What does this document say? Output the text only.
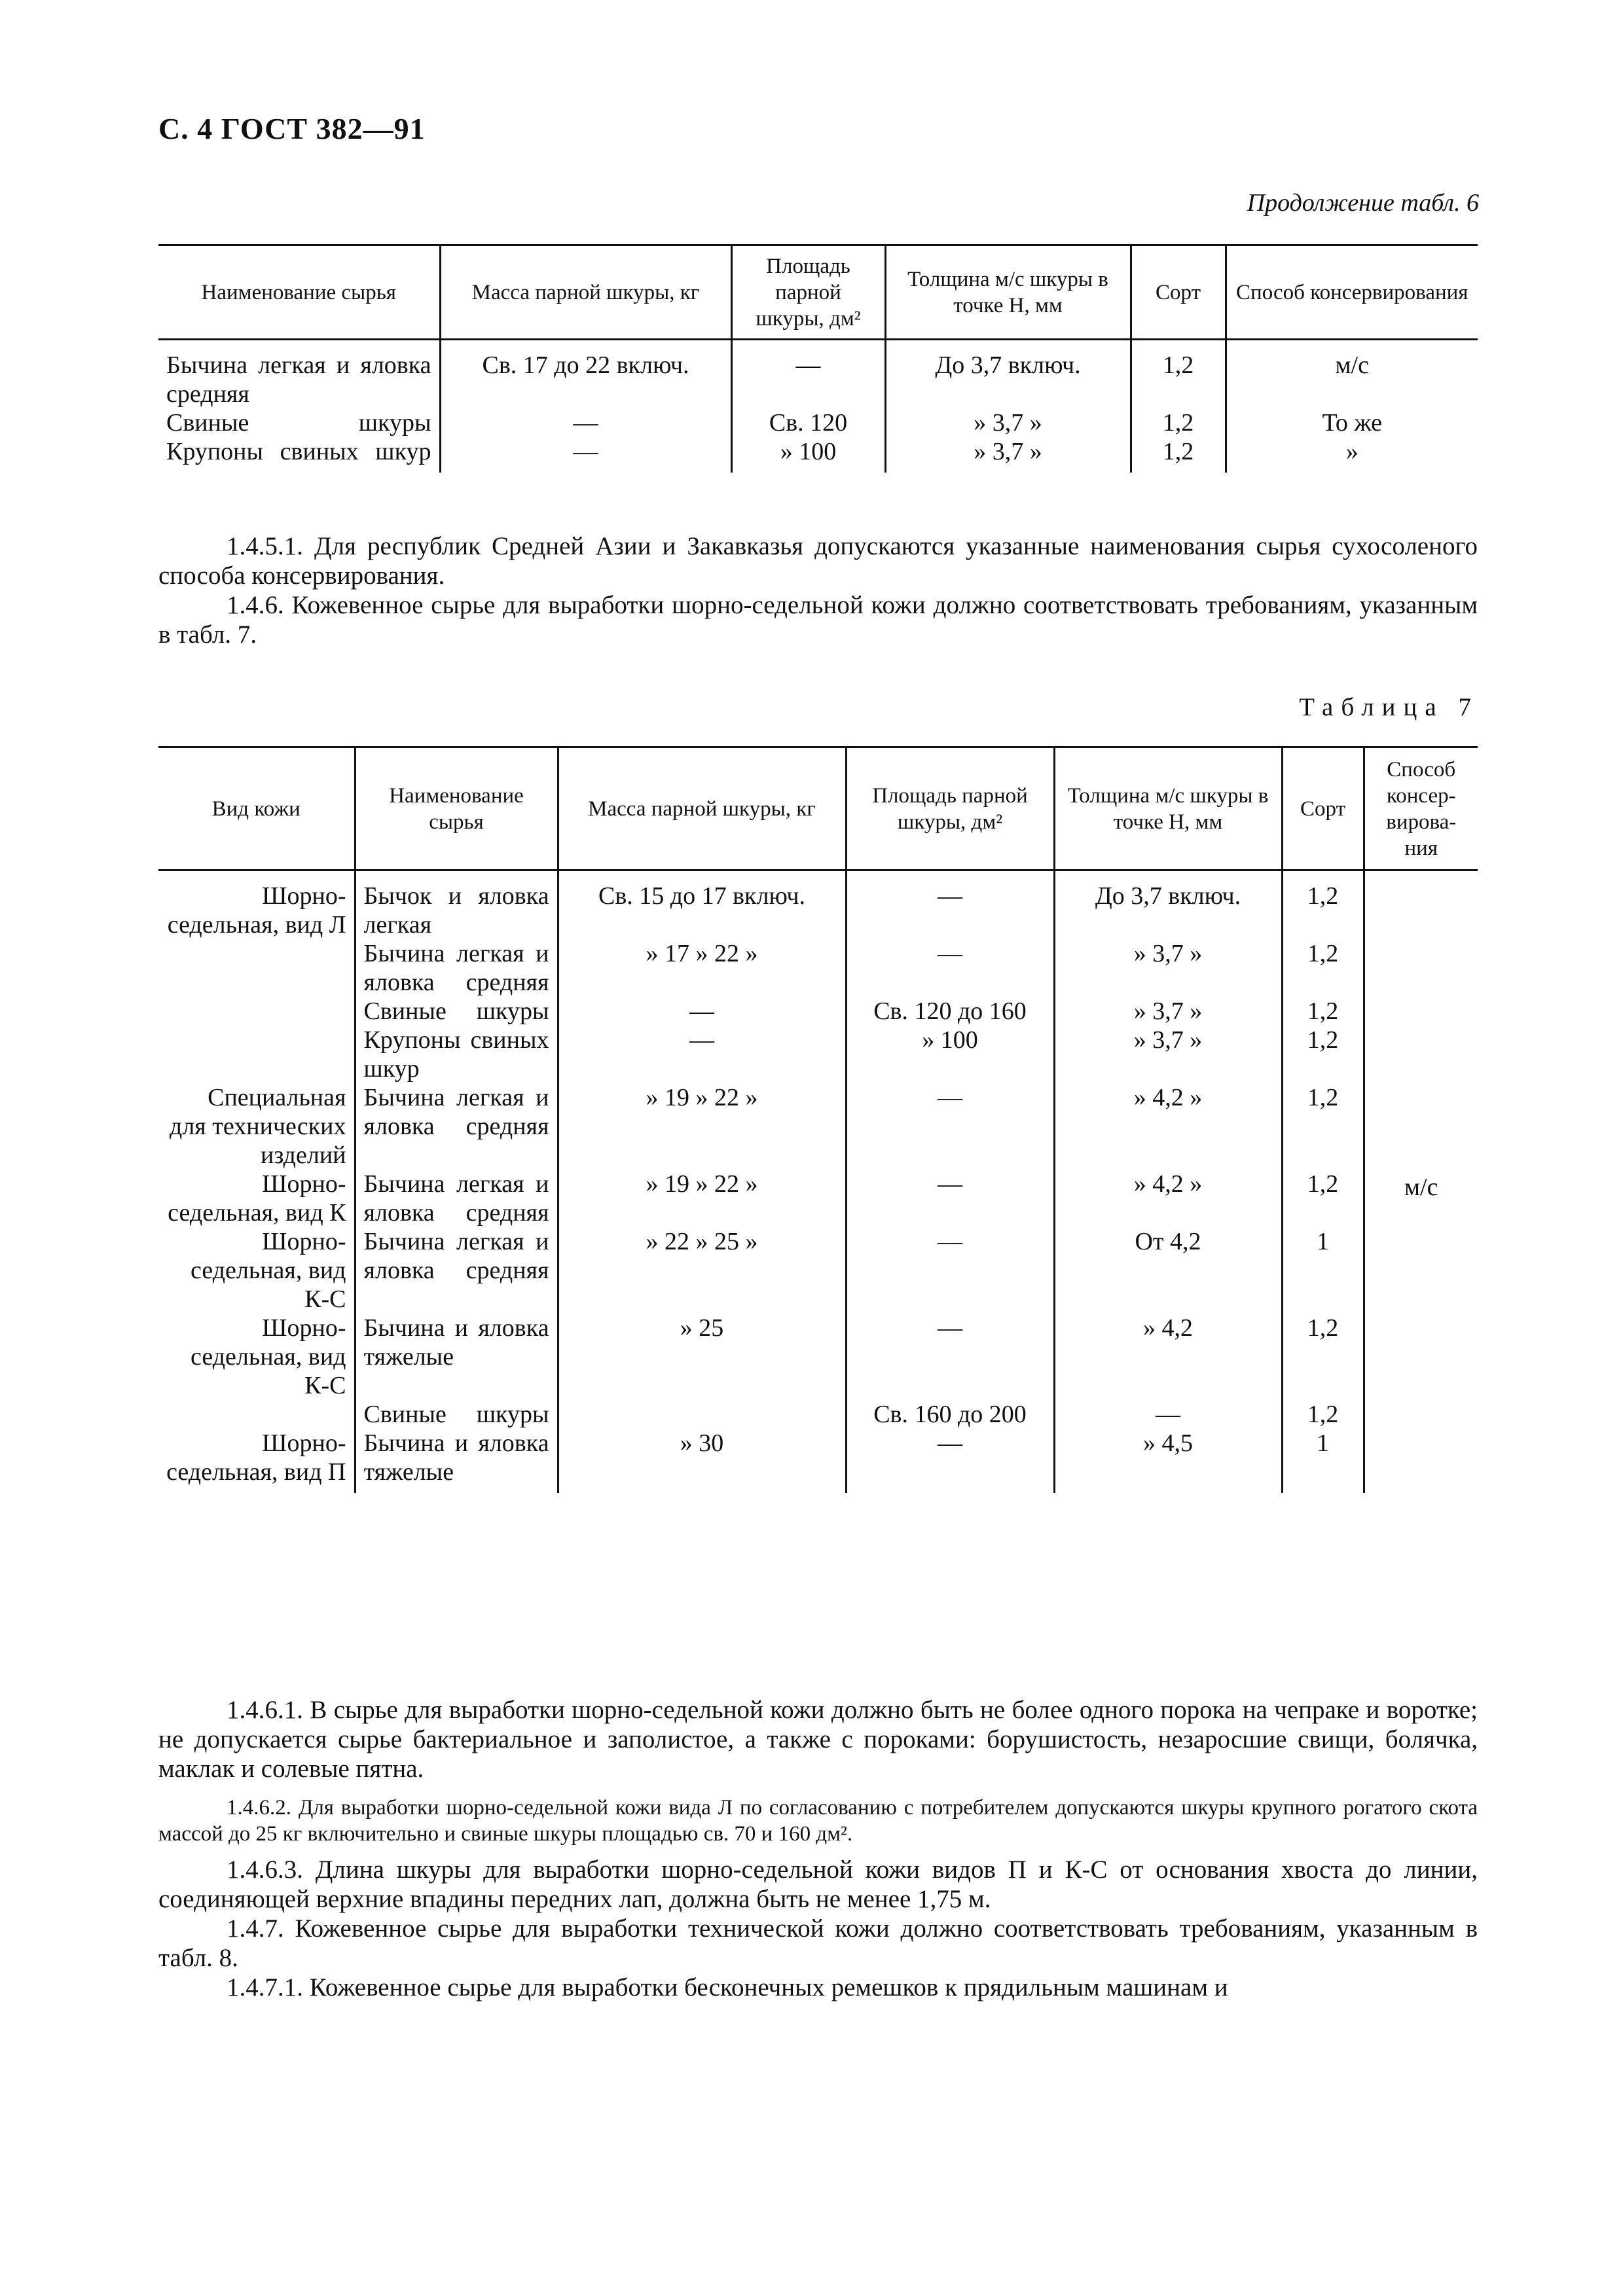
С. 4 ГОСТ 382—91
Продолжение табл. 6
Наименование сырья	Масса парной шкуры, кг	Площадь парной шкуры, дм²	Толщина м/с шкуры в точке Н, мм	Сорт	Способ консервирования
Бычина легкая и яловка средняя	Св. 17 до 22 включ.	—	До 3,7 включ.	1,2	м/с
Свиные шкуры	—	Св. 120	» 3,7 »	1,2	То же
Крупоны свиных шкур	—	» 100	» 3,7 »	1,2	»

1.4.5.1. Для республик Средней Азии и Закавказья допускаются указанные наименования сырья сухосоленого способа консервирования.

1.4.6. Кожевенное сырье для выработки шорно-седельной кожи должно соответствовать требованиям, указанным в табл. 7.

Таблица 7
Вид кожи	Наименование сырья	Масса парной шкуры, кг	Площадь парной шкуры, дм²	Толщина м/с шкуры в точке Н, мм	Сорт	Способ консер-вирова-ния
Шорно-седельная, вид Л	Бычок и яловка легкая	Св. 15 до 17 включ.	—	До 3,7 включ.	1,2	м/с
	Бычина легкая и яловка средняя	» 17 » 22 »	—	» 3,7 »	1,2	
	Свиные шкуры	—	Св. 120 до 160	» 3,7 »	1,2	
	Крупоны свиных шкур	—	» 100	» 3,7 »	1,2	
Специальная для технических изделий	Бычина легкая и яловка средняя	» 19 » 22 »	—	» 4,2 »	1,2	
Шорно-седельная, вид К	Бычина легкая и яловка средняя	» 19 » 22 »	—	» 4,2 »	1,2	
Шорно-седельная, вид К-С	Бычина легкая и яловка средняя	» 22 » 25 »	—	От 4,2	1	
Шорно-седельная, вид К-С	Бычина и яловка тяжелые	» 25	—	» 4,2	1,2	
	Свиные шкуры		Св. 160 до 200	—	1,2	
Шорно-седельная, вид П	Бычина и яловка тяжелые	» 30	—	» 4,5	1	

1.4.6.1. В сырье для выработки шорно-седельной кожи должно быть не более одного порока на чепраке и воротке; не допускается сырье бактериальное и заполистое, а также с пороками: борушистость, незаросшие свищи, болячка, маклак и солевые пятна.

1.4.6.2. Для выработки шорно-седельной кожи вида Л по согласованию с потребителем допускаются шкуры крупного рогатого скота массой до 25 кг включительно и свиные шкуры площадью св. 70 и 160 дм².

1.4.6.3. Длина шкуры для выработки шорно-седельной кожи видов П и К-С от основания хвоста до линии, соединяющей верхние впадины передних лап, должна быть не менее 1,75 м.

1.4.7. Кожевенное сырье для выработки технической кожи должно соответствовать требованиям, указанным в табл. 8.

1.4.7.1. Кожевенное сырье для выработки бесконечных ремешков к прядильным машинам и
